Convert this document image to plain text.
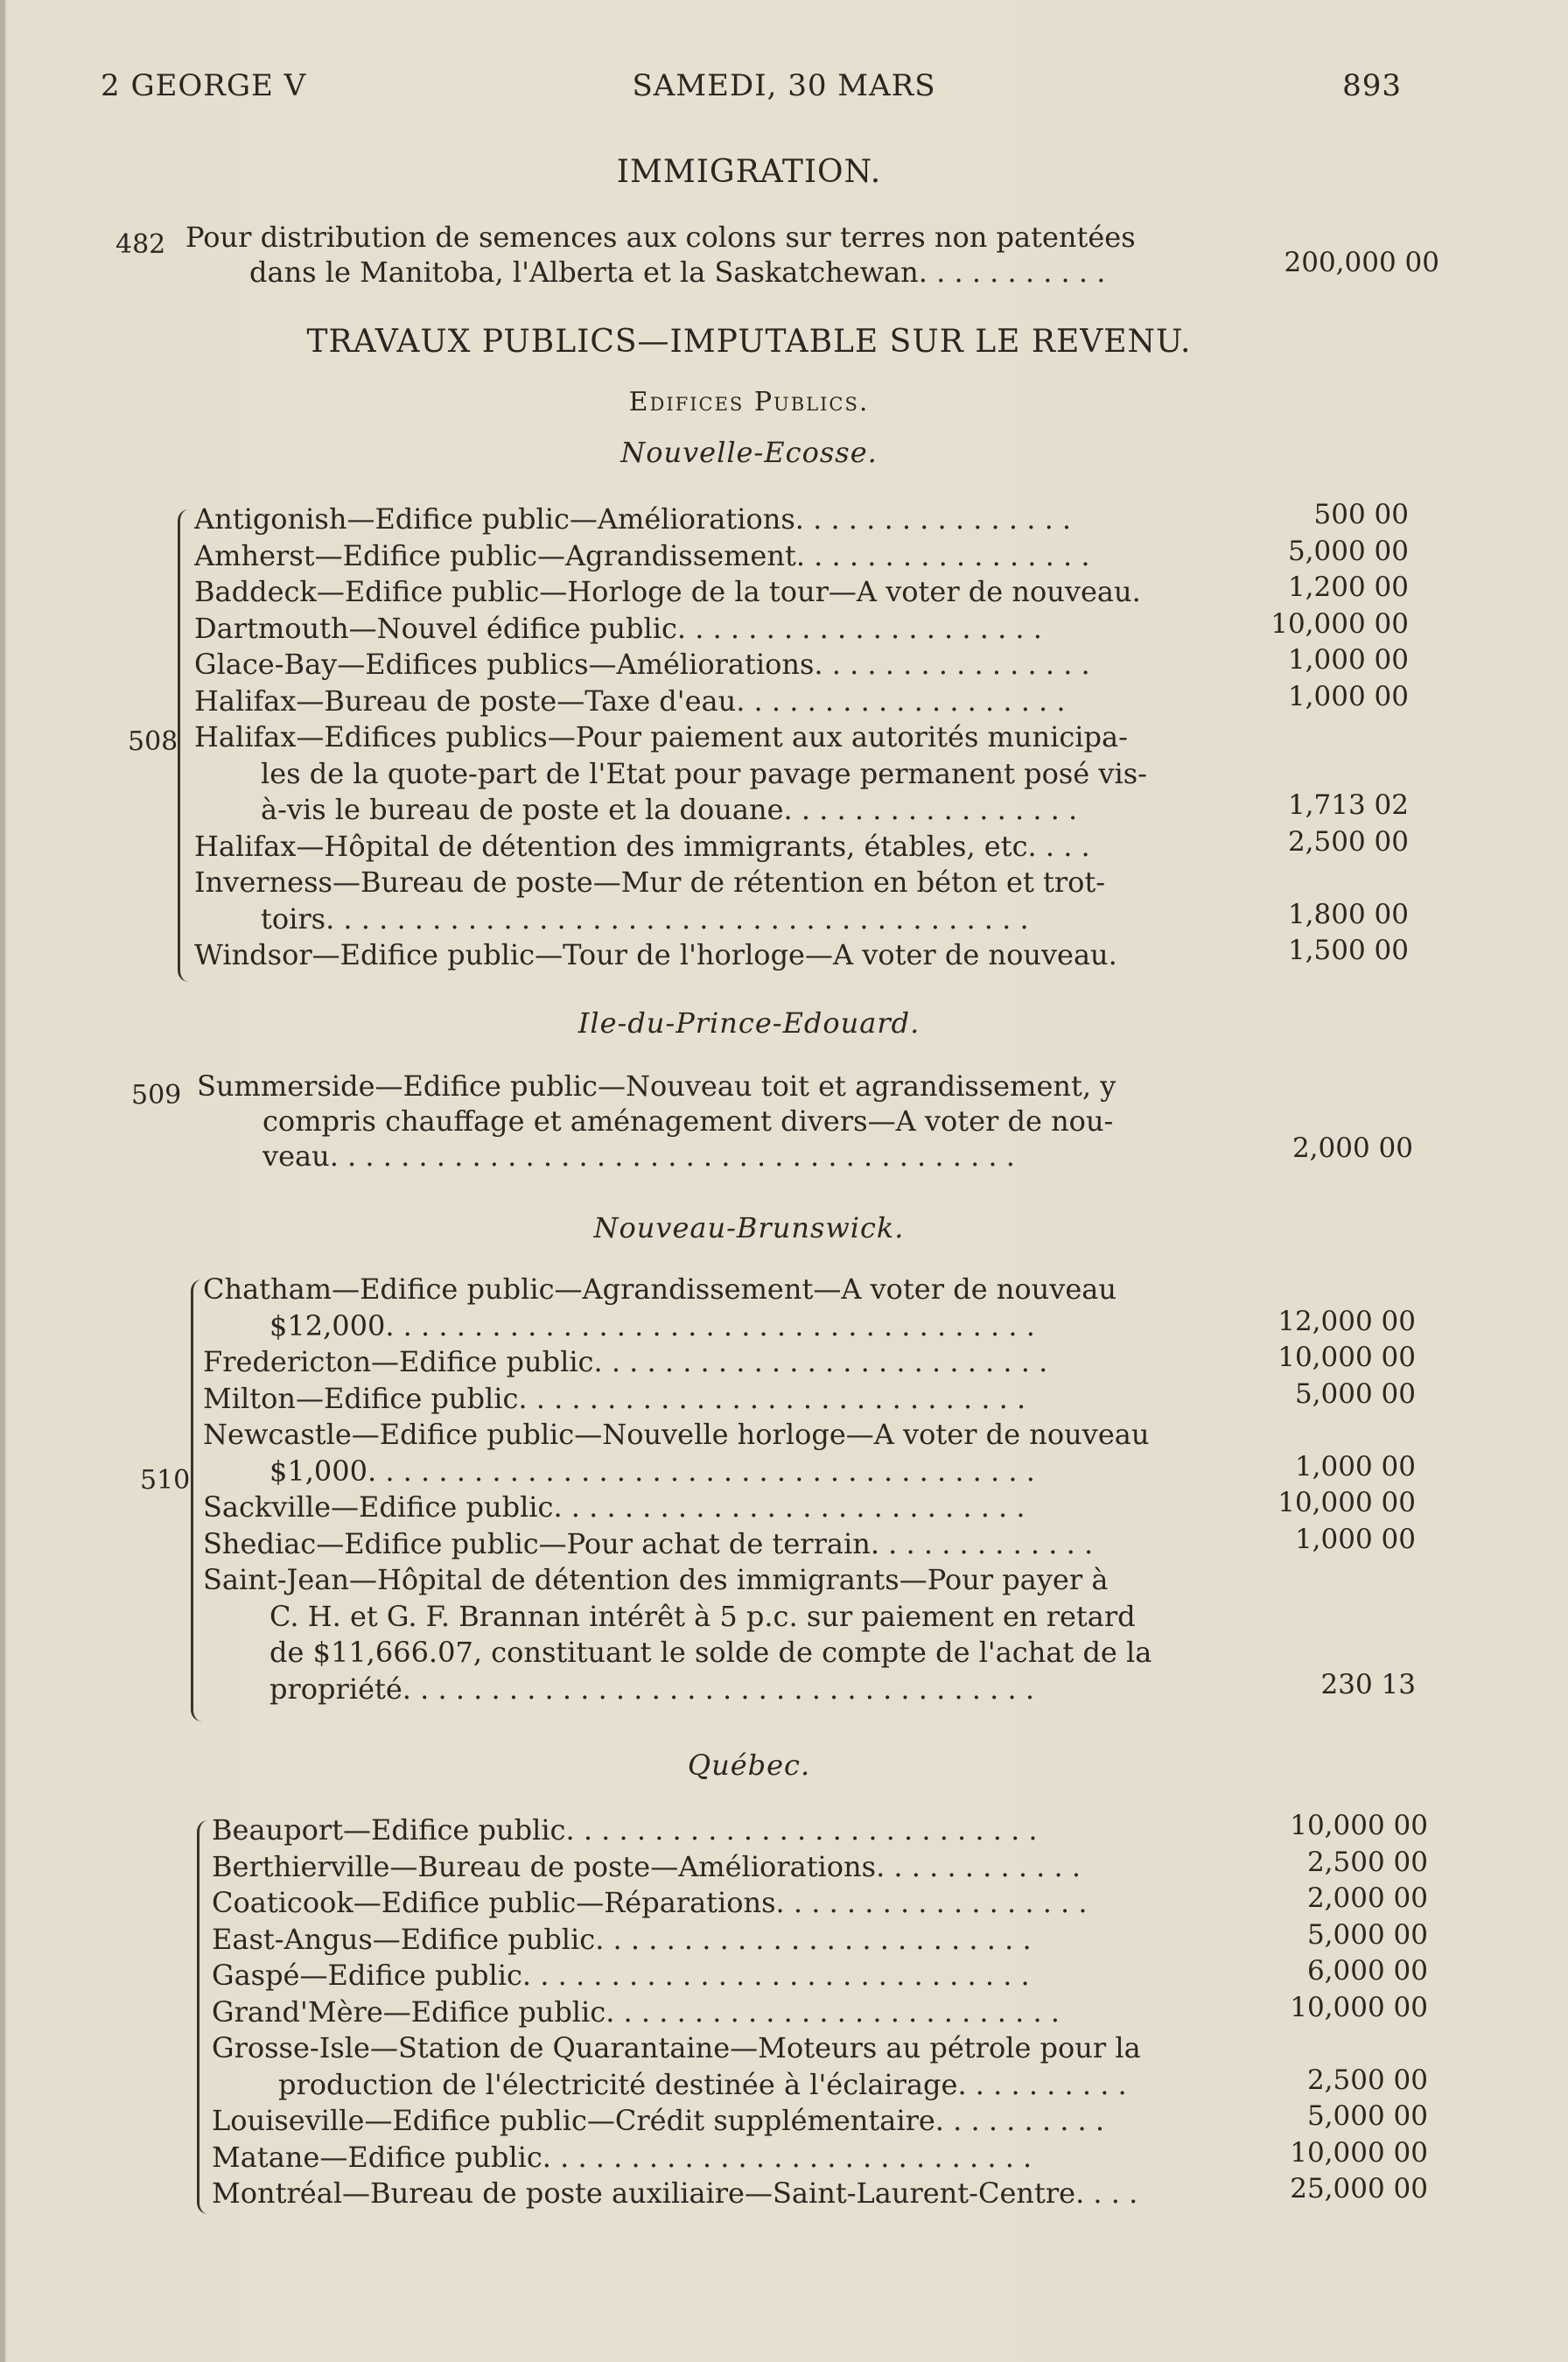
2 GEORGE V	SAMEDI, 30 MARS	893
IMMIGRATION.
482 Pour distribution de semences aux colons sur terres non patentées
dans le Manitoba, l'Alberta et la Saskatchewan. . . . . . . . . . .	200,000 00
TRAVAUX PUBLICS—IMPUTABLE SUR LE REVENU.
Edifices Publics.
Nouvelle-Ecosse.
508
Antigonish—Edifice public—Améliorations. . . . . . . . . . . . . . . .	500 00
Amherst—Edifice public—Agrandissement. . . . . . . . . . . . . . . . .	5,000 00
Baddeck—Edifice public—Horloge de la tour—A voter de nouveau.	1,200 00
Dartmouth—Nouvel édifice public. . . . . . . . . . . . . . . . . . . . .	10,000 00
Glace-Bay—Edifices publics—Améliorations. . . . . . . . . . . . . . . .	1,000 00
Halifax—Bureau de poste—Taxe d'eau. . . . . . . . . . . . . . . . . . .	1,000 00
Halifax—Edifices publics—Pour paiement aux autorités municipa-
les de la quote-part de l'Etat pour pavage permanent posé vis-
à-vis le bureau de poste et la douane. . . . . . . . . . . . . . . . .	1,713 02
Halifax—Hôpital de détention des immigrants, étables, etc. . . .	2,500 00
Inverness—Bureau de poste—Mur de rétention en béton et trot-
toirs. . . . . . . . . . . . . . . . . . . . . . . . . . . . . . . . . . . . . . . .	1,800 00
Windsor—Edifice public—Tour de l'horloge—A voter de nouveau.	1,500 00
Ile-du-Prince-Edouard.
509 Summerside—Edifice public—Nouveau toit et agrandissement, y
compris chauffage et aménagement divers—A voter de nou-
veau. . . . . . . . . . . . . . . . . . . . . . . . . . . . . . . . . . . . . . .	2,000 00
Nouveau-Brunswick.
510
Chatham—Edifice public—Agrandissement—A voter de nouveau
$12,000. . . . . . . . . . . . . . . . . . . . . . . . . . . . . . . . . . . . .	12,000 00
Fredericton—Edifice public. . . . . . . . . . . . . . . . . . . . . . . . . .	10,000 00
Milton—Edifice public. . . . . . . . . . . . . . . . . . . . . . . . . . . . .	5,000 00
Newcastle—Edifice public—Nouvelle horloge—A voter de nouveau
$1,000. . . . . . . . . . . . . . . . . . . . . . . . . . . . . . . . . . . . . .	1,000 00
Sackville—Edifice public. . . . . . . . . . . . . . . . . . . . . . . . . . .	10,000 00
Shediac—Edifice public—Pour achat de terrain. . . . . . . . . . . . .	1,000 00
Saint-Jean—Hôpital de détention des immigrants—Pour payer à
C. H. et G. F. Brannan intérêt à 5 p.c. sur paiement en retard
de $11,666.07, constituant le solde de compte de l'achat de la
propriété. . . . . . . . . . . . . . . . . . . . . . . . . . . . . . . . . . . .	230 13
Québec.
Beauport—Edifice public. . . . . . . . . . . . . . . . . . . . . . . . . . .	10,000 00
Berthierville—Bureau de poste—Améliorations. . . . . . . . . . . .	2,500 00
Coaticook—Edifice public—Réparations. . . . . . . . . . . . . . . . . .	2,000 00
East-Angus—Edifice public. . . . . . . . . . . . . . . . . . . . . . . . .	5,000 00
Gaspé—Edifice public. . . . . . . . . . . . . . . . . . . . . . . . . . . . .	6,000 00
Grand'Mère—Edifice public. . . . . . . . . . . . . . . . . . . . . . . . . .	10,000 00
Grosse-Isle—Station de Quarantaine—Moteurs au pétrole pour la
production de l'électricité destinée à l'éclairage. . . . . . . . . .	2,500 00
Louiseville—Edifice public—Crédit supplémentaire. . . . . . . . . .	5,000 00
Matane—Edifice public. . . . . . . . . . . . . . . . . . . . . . . . . . . .	10,000 00
Montréal—Bureau de poste auxiliaire—Saint-Laurent-Centre. . . .	25,000 00
